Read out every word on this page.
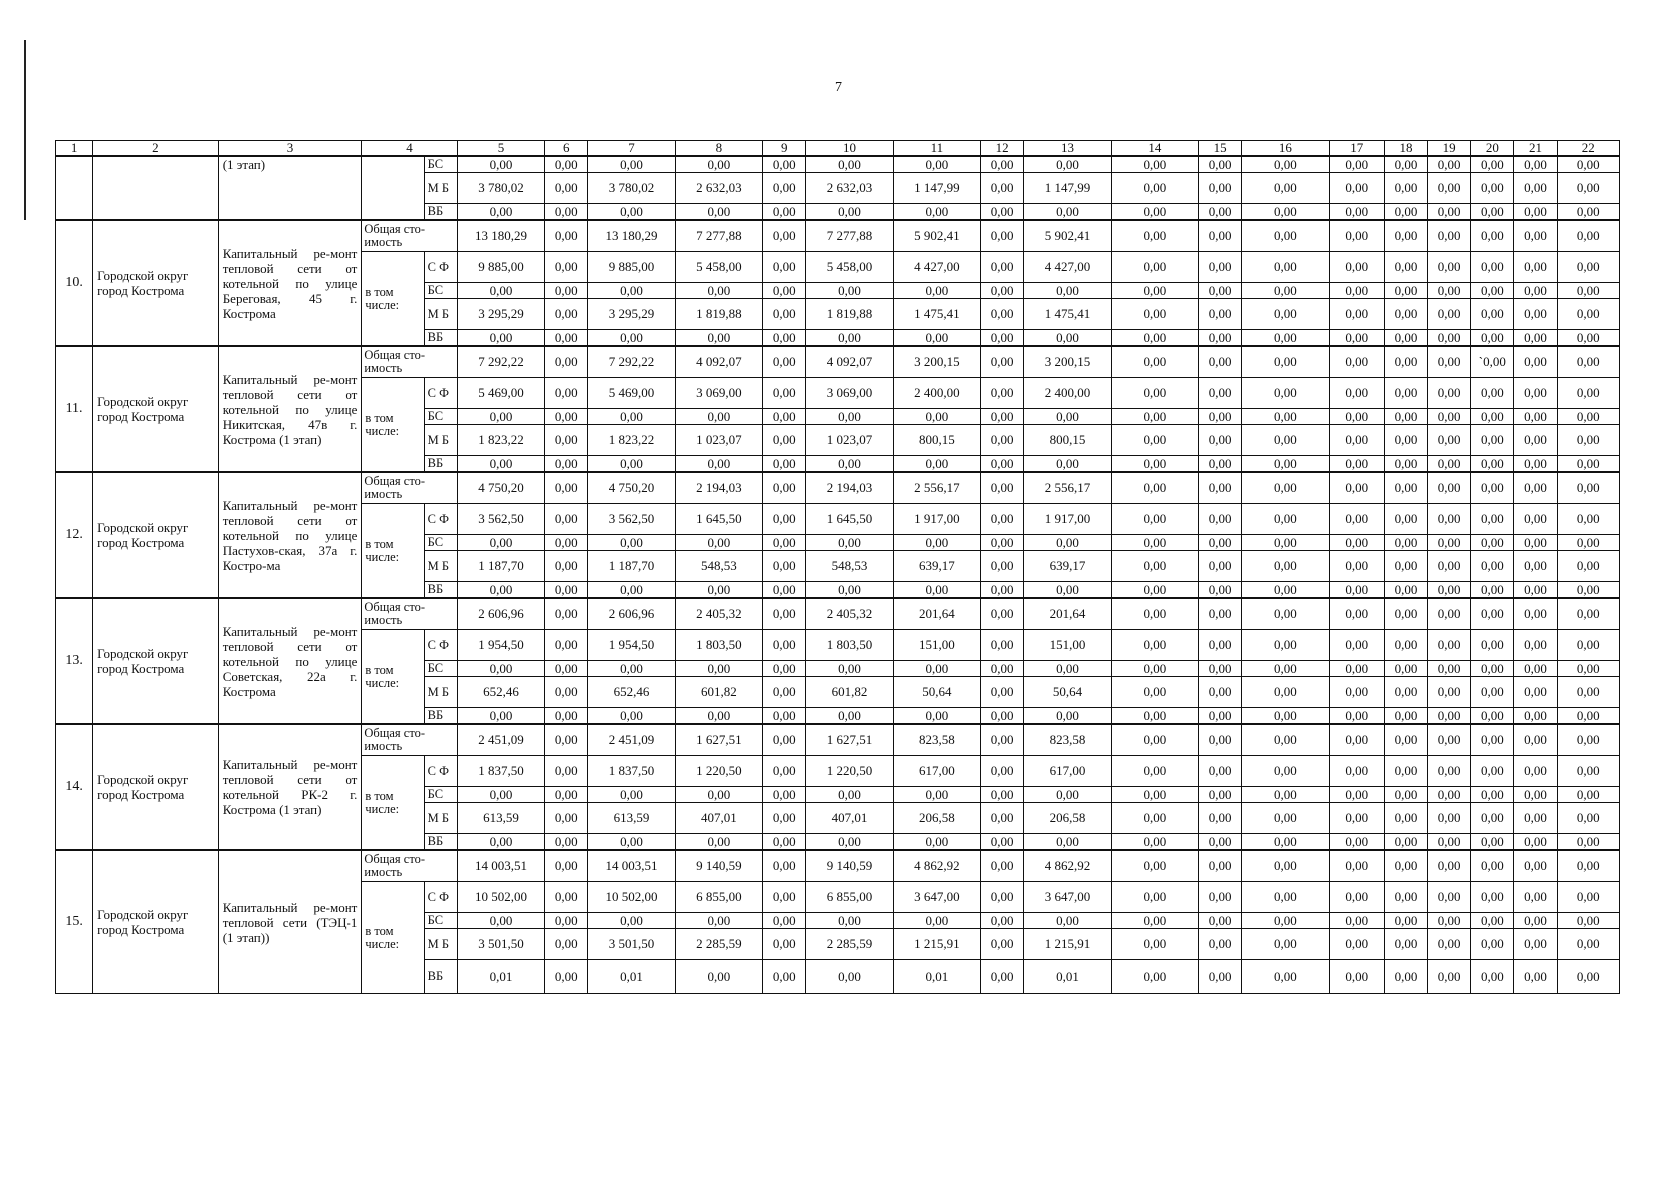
7
1	2	3	4		5	6	7	8	9	10	11	12	13	14	15	16	17	18	19	20	21	22
		(1 этап)		БС	0,00	0,00	0,00	0,00	0,00	0,00	0,00	0,00	0,00	0,00	0,00	0,00	0,00	0,00	0,00	0,00	0,00	0,00
				М Б	3 780,02	0,00	3 780,02	2 632,03	0,00	2 632,03	1 147,99	0,00	1 147,99	0,00	0,00	0,00	0,00	0,00	0,00	0,00	0,00	0,00
				ВБ	0,00	0,00	0,00	0,00	0,00	0,00	0,00	0,00	0,00	0,00	0,00	0,00	0,00	0,00	0,00	0,00	0,00	0,00
10.	Городской округ город Кострома	Капитальный ре-монт тепловой сети от котельной по улице Береговая, 45 г. Кострома	Общая сто-имость		13 180,29	0,00	13 180,29	7 277,88	0,00	7 277,88	5 902,41	0,00	5 902,41	0,00	0,00	0,00	0,00	0,00	0,00	0,00	0,00	0,00
			в том числе:	С Ф	9 885,00	0,00	9 885,00	5 458,00	0,00	5 458,00	4 427,00	0,00	4 427,00	0,00	0,00	0,00	0,00	0,00	0,00	0,00	0,00	0,00
				БС	0,00	0,00	0,00	0,00	0,00	0,00	0,00	0,00	0,00	0,00	0,00	0,00	0,00	0,00	0,00	0,00	0,00	0,00
				М Б	3 295,29	0,00	3 295,29	1 819,88	0,00	1 819,88	1 475,41	0,00	1 475,41	0,00	0,00	0,00	0,00	0,00	0,00	0,00	0,00	0,00
				ВБ	0,00	0,00	0,00	0,00	0,00	0,00	0,00	0,00	0,00	0,00	0,00	0,00	0,00	0,00	0,00	0,00	0,00	0,00
11.	Городской округ город Кострома	Капитальный ре-монт тепловой сети от котельной по улице Никитская, 47в г. Кострома (1 этап)	Общая сто-имость		7 292,22	0,00	7 292,22	4 092,07	0,00	4 092,07	3 200,15	0,00	3 200,15	0,00	0,00	0,00	0,00	0,00	0,00	`0,00	0,00	0,00
			в том числе:	С Ф	5 469,00	0,00	5 469,00	3 069,00	0,00	3 069,00	2 400,00	0,00	2 400,00	0,00	0,00	0,00	0,00	0,00	0,00	0,00	0,00	0,00
				БС	0,00	0,00	0,00	0,00	0,00	0,00	0,00	0,00	0,00	0,00	0,00	0,00	0,00	0,00	0,00	0,00	0,00	0,00
				М Б	1 823,22	0,00	1 823,22	1 023,07	0,00	1 023,07	800,15	0,00	800,15	0,00	0,00	0,00	0,00	0,00	0,00	0,00	0,00	0,00
				ВБ	0,00	0,00	0,00	0,00	0,00	0,00	0,00	0,00	0,00	0,00	0,00	0,00	0,00	0,00	0,00	0,00	0,00	0,00
12.	Городской округ город Кострома	Капитальный ре-монт тепловой сети от котельной по улице Пастухов-ская, 37а г. Костро-ма	Общая сто-имость		4 750,20	0,00	4 750,20	2 194,03	0,00	2 194,03	2 556,17	0,00	2 556,17	0,00	0,00	0,00	0,00	0,00	0,00	0,00	0,00	0,00
			в том числе:	С Ф	3 562,50	0,00	3 562,50	1 645,50	0,00	1 645,50	1 917,00	0,00	1 917,00	0,00	0,00	0,00	0,00	0,00	0,00	0,00	0,00	0,00
				БС	0,00	0,00	0,00	0,00	0,00	0,00	0,00	0,00	0,00	0,00	0,00	0,00	0,00	0,00	0,00	0,00	0,00	0,00
				М Б	1 187,70	0,00	1 187,70	548,53	0,00	548,53	639,17	0,00	639,17	0,00	0,00	0,00	0,00	0,00	0,00	0,00	0,00	0,00
				ВБ	0,00	0,00	0,00	0,00	0,00	0,00	0,00	0,00	0,00	0,00	0,00	0,00	0,00	0,00	0,00	0,00	0,00	0,00
13.	Городской округ город Кострома	Капитальный ре-монт тепловой сети от котельной по улице Советская, 22а г. Кострома	Общая сто-имость		2 606,96	0,00	2 606,96	2 405,32	0,00	2 405,32	201,64	0,00	201,64	0,00	0,00	0,00	0,00	0,00	0,00	0,00	0,00	0,00
			в том числе:	С Ф	1 954,50	0,00	1 954,50	1 803,50	0,00	1 803,50	151,00	0,00	151,00	0,00	0,00	0,00	0,00	0,00	0,00	0,00	0,00	0,00
				БС	0,00	0,00	0,00	0,00	0,00	0,00	0,00	0,00	0,00	0,00	0,00	0,00	0,00	0,00	0,00	0,00	0,00	0,00
				М Б	652,46	0,00	652,46	601,82	0,00	601,82	50,64	0,00	50,64	0,00	0,00	0,00	0,00	0,00	0,00	0,00	0,00	0,00
				ВБ	0,00	0,00	0,00	0,00	0,00	0,00	0,00	0,00	0,00	0,00	0,00	0,00	0,00	0,00	0,00	0,00	0,00	0,00
14.	Городской округ город Кострома	Капитальный ре-монт тепловой сети от котельной РК-2 г. Кострома (1 этап)	Общая сто-имость		2 451,09	0,00	2 451,09	1 627,51	0,00	1 627,51	823,58	0,00	823,58	0,00	0,00	0,00	0,00	0,00	0,00	0,00	0,00	0,00
			в том числе:	С Ф	1 837,50	0,00	1 837,50	1 220,50	0,00	1 220,50	617,00	0,00	617,00	0,00	0,00	0,00	0,00	0,00	0,00	0,00	0,00	0,00
				БС	0,00	0,00	0,00	0,00	0,00	0,00	0,00	0,00	0,00	0,00	0,00	0,00	0,00	0,00	0,00	0,00	0,00	0,00
				М Б	613,59	0,00	613,59	407,01	0,00	407,01	206,58	0,00	206,58	0,00	0,00	0,00	0,00	0,00	0,00	0,00	0,00	0,00
				ВБ	0,00	0,00	0,00	0,00	0,00	0,00	0,00	0,00	0,00	0,00	0,00	0,00	0,00	0,00	0,00	0,00	0,00	0,00
15.	Городской округ город Кострома	Капитальный ре-монт тепловой сети (ТЭЦ-1 (1 этап))	Общая сто-имость		14 003,51	0,00	14 003,51	9 140,59	0,00	9 140,59	4 862,92	0,00	4 862,92	0,00	0,00	0,00	0,00	0,00	0,00	0,00	0,00	0,00
			в том числе:	С Ф	10 502,00	0,00	10 502,00	6 855,00	0,00	6 855,00	3 647,00	0,00	3 647,00	0,00	0,00	0,00	0,00	0,00	0,00	0,00	0,00	0,00
				БС	0,00	0,00	0,00	0,00	0,00	0,00	0,00	0,00	0,00	0,00	0,00	0,00	0,00	0,00	0,00	0,00	0,00	0,00
				М Б	3 501,50	0,00	3 501,50	2 285,59	0,00	2 285,59	1 215,91	0,00	1 215,91	0,00	0,00	0,00	0,00	0,00	0,00	0,00	0,00	0,00
				ВБ	0,01	0,00	0,01	0,00	0,00	0,00	0,01	0,00	0,01	0,00	0,00	0,00	0,00	0,00	0,00	0,00	0,00	0,00
